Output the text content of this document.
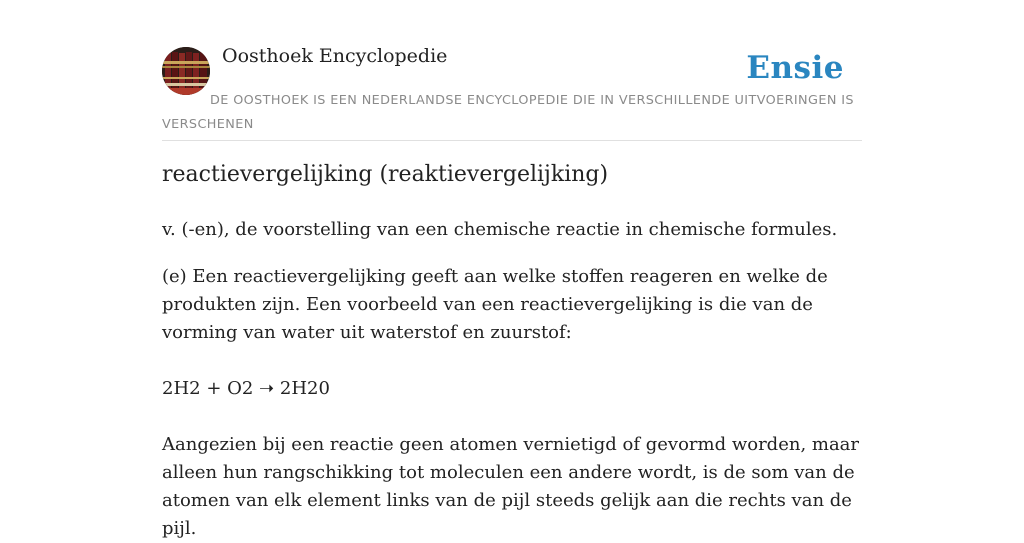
Oosthoek Encyclopedie	Ensie
DE OOSTHOEK IS EEN NEDERLANDSE ENCYCLOPEDIE DIE IN VERSCHILLENDE UITVOERINGEN IS VERSCHENEN
reactievergelijking (reaktievergelijking)

v. (-en), de voorstelling van een chemische reactie in chemische formules.

(e) Een reactievergelijking geeft aan welke stoffen reageren en welke de produkten zijn. Een voorbeeld van een reactievergelijking is die van de vorming van water uit waterstof en zuurstof:

2H2 + O2 ➝ 2H20

Aangezien bij een reactie geen atomen vernietigd of gevormd worden, maar alleen hun rangschikking tot moleculen een andere wordt, is de som van de atomen van elk element links van de pijl steeds gelijk aan die rechts van de pijl.
